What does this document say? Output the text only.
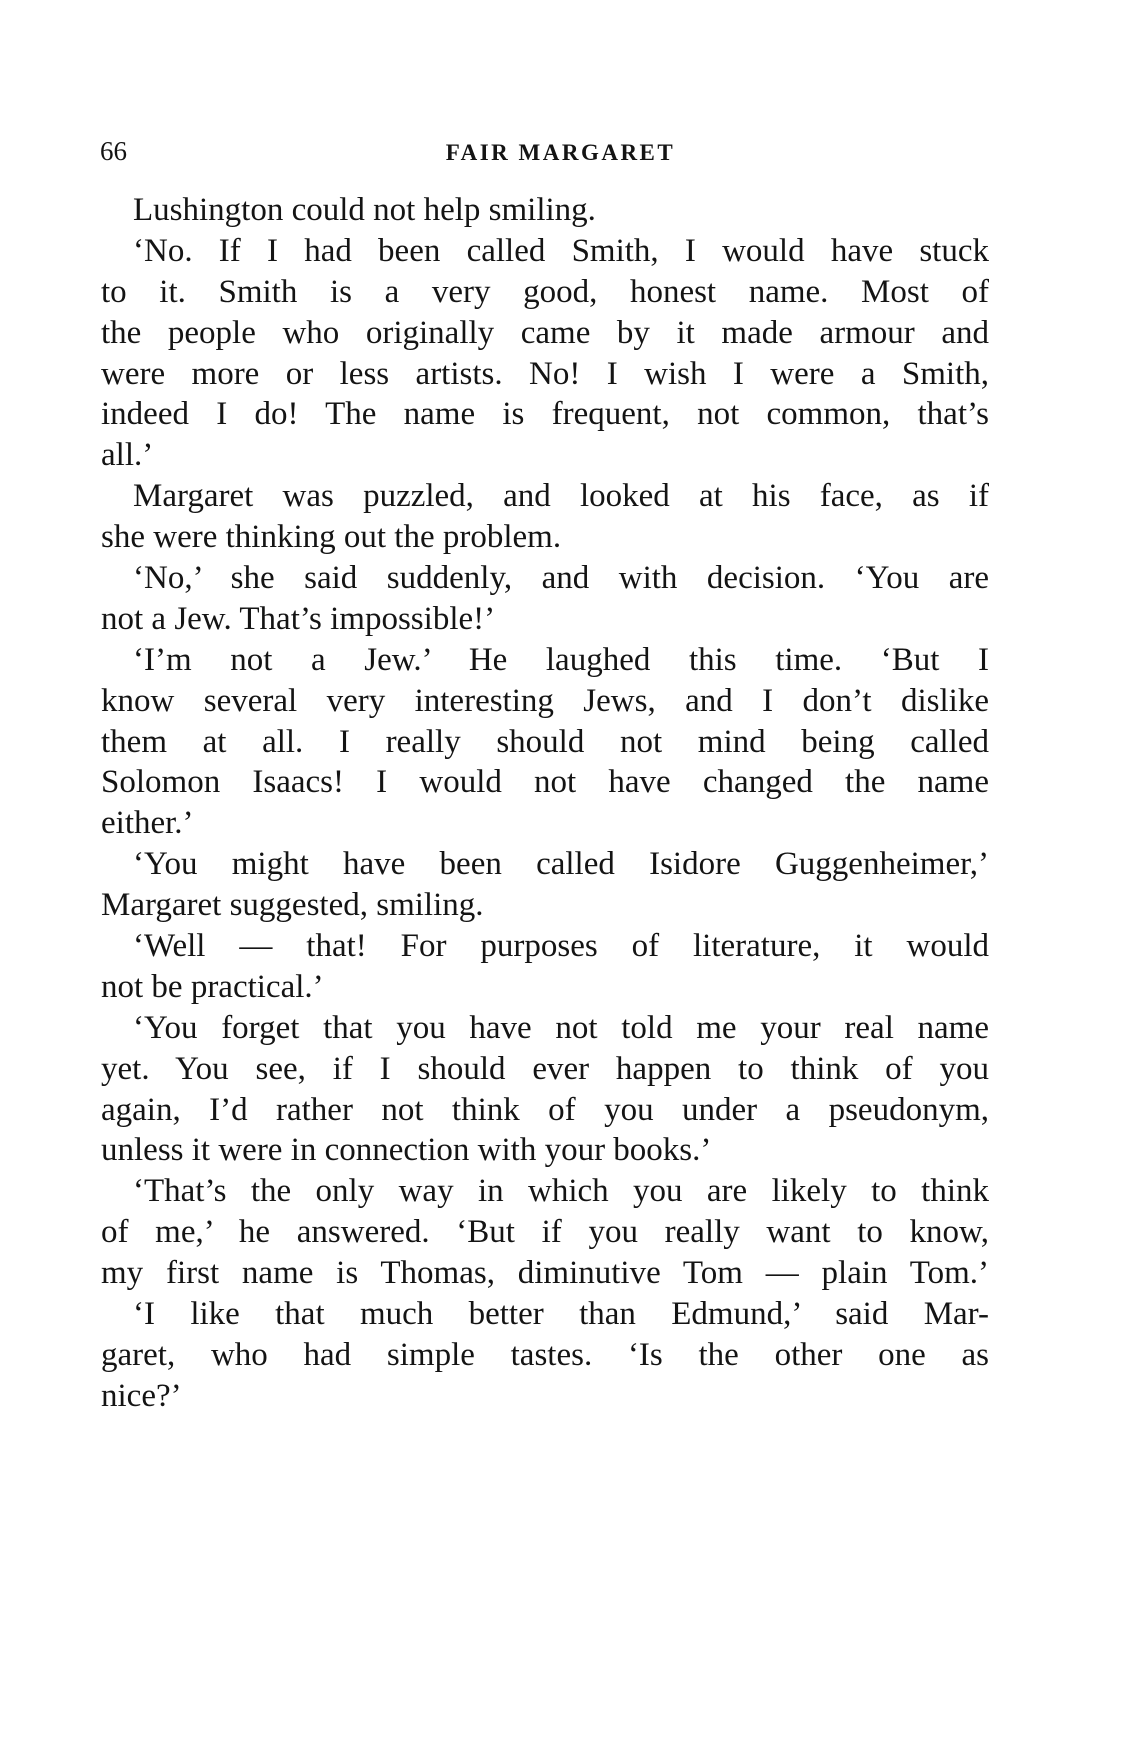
66	FAIR MARGARET
Lushington could not help smiling.
‘No. If I had been called Smith, I would have stuck
to it. Smith is a very good, honest name. Most of
the people who originally came by it made armour and
were more or less artists. No! I wish I were a Smith,
indeed I do! The name is frequent, not common, that’s
all.’
Margaret was puzzled, and looked at his face, as if
she were thinking out the problem.
‘No,’ she said suddenly, and with decision. ‘You are
not a Jew. That’s impossible!’
‘I’m not a Jew.’ He laughed this time. ‘But I
know several very interesting Jews, and I don’t dislike
them at all. I really should not mind being called
Solomon Isaacs! I would not have changed the name
either.’
‘You might have been called Isidore Guggenheimer,’
Margaret suggested, smiling.
‘Well — that! For purposes of literature, it would
not be practical.’
‘You forget that you have not told me your real name
yet. You see, if I should ever happen to think of you
again, I’d rather not think of you under a pseudonym,
unless it were in connection with your books.’
‘That’s the only way in which you are likely to think
of me,’ he answered. ‘But if you really want to know,
my first name is Thomas, diminutive Tom — plain Tom.’
‘I like that much better than Edmund,’ said Mar-
garet, who had simple tastes. ‘Is the other one as
nice?’
